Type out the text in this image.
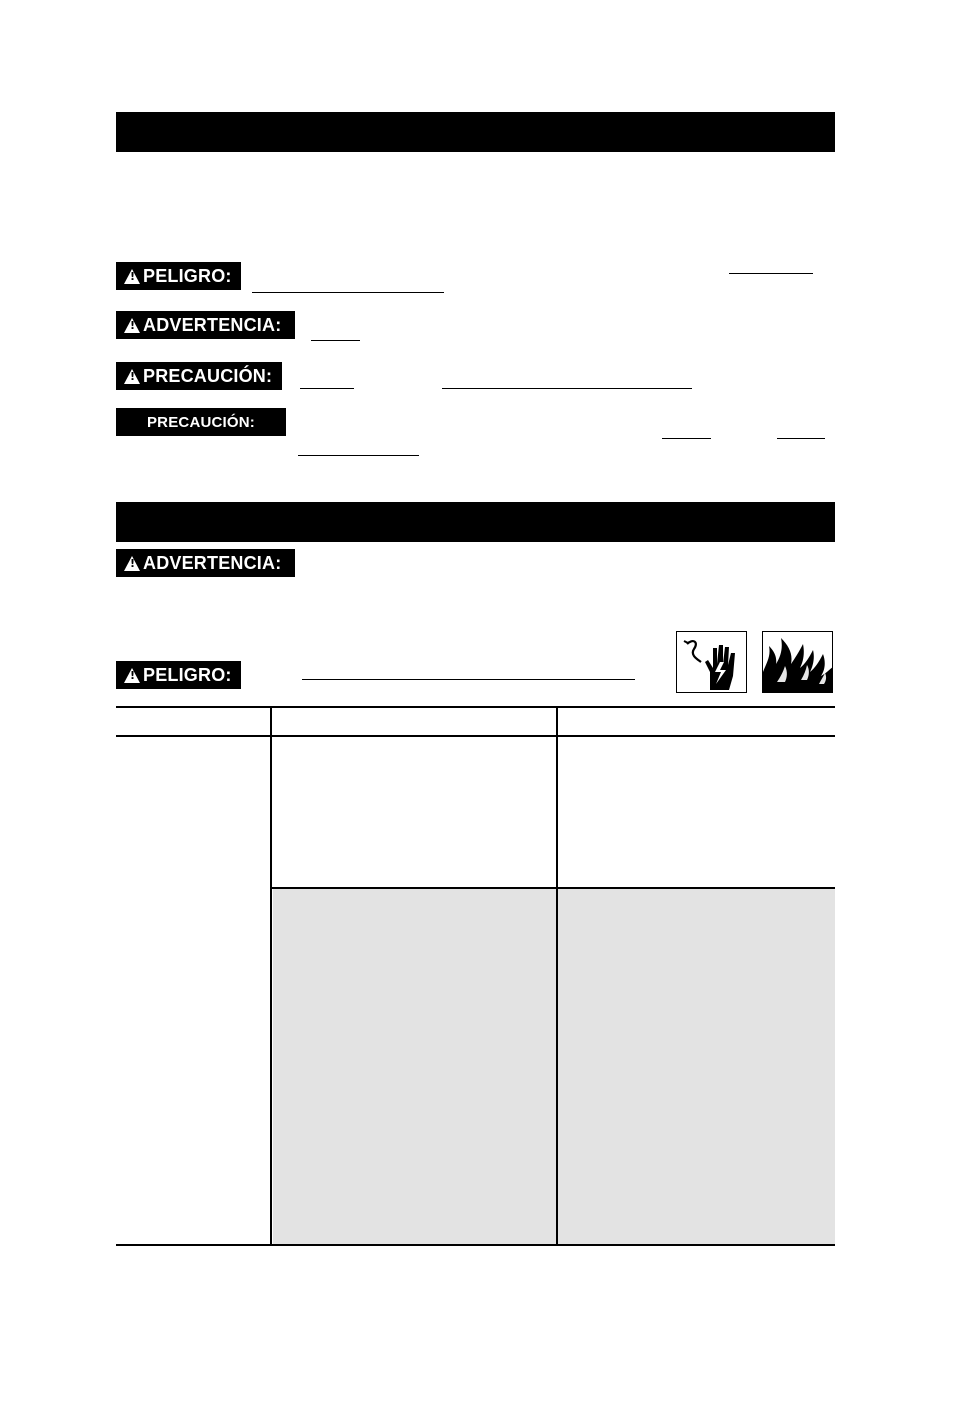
!
PELIGRO:
!
ADVERTENCIA:
!
PRECAUCIÓN:
PRECAUCIÓN:
!
ADVERTENCIA:
!
PELIGRO:
